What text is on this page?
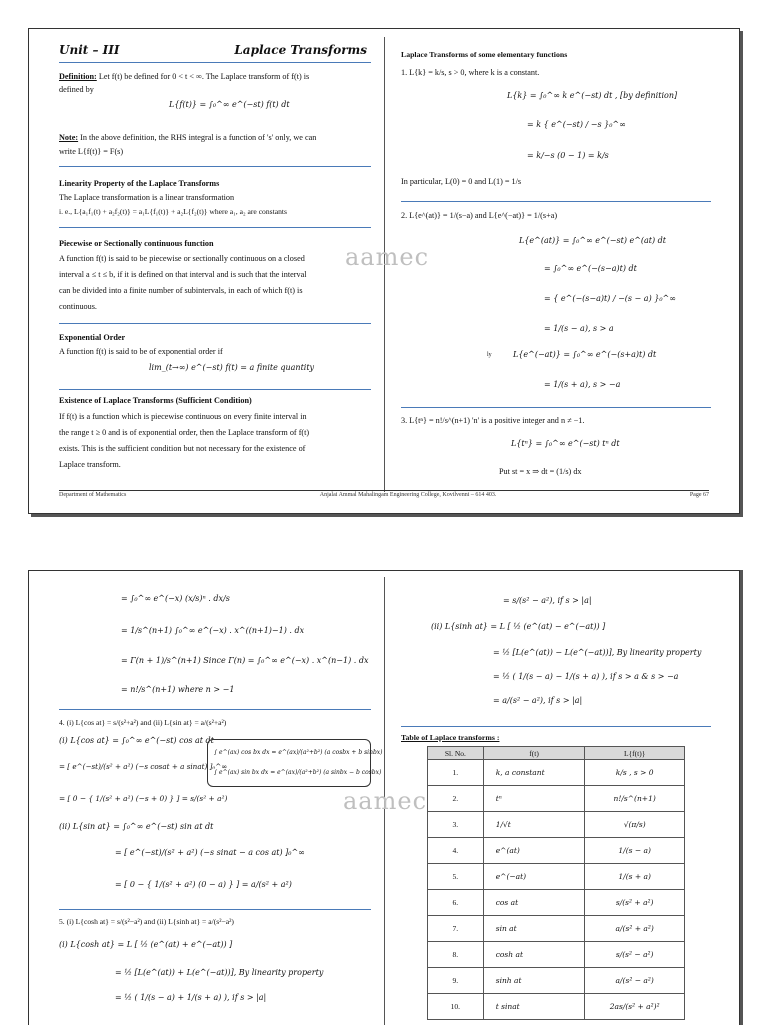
Unit – III	Laplace Transforms
Definition: Let f(t) be defined for 0 < t < ∞. The Laplace transform of f(t) is
defined by
L{f(t)} = ∫₀^∞ e^(−st) f(t) dt
Note: In the above definition, the RHS integral is a function of 's' only, we can
write L{f(t)} = F(s)
Linearity Property of the Laplace Transforms
The Laplace transformation is a linear transformation
i. e., L{a₁f₁(t) + a₂f₂(t)} = a₁L{f₁(t)} + a₂L{f₂(t)} where a₁, a₂ are constants
Piecewise or Sectionally continuous function
A function f(t) is said to be piecewise or sectionally continuous on a closed
interval a ≤ t ≤ b, if it is defined on that interval and is such that the interval
can be divided into a finite number of subintervals, in each of which f(t) is
continuous.
Exponential Order
A function f(t) is said to be of exponential order if
lim_(t→∞) e^(−st) f(t) = a finite quantity
Existence of Laplace Transforms (Sufficient Condition)
If f(t) is a function which is piecewise continuous on every finite interval in
the range t ≥ 0 and is of exponential order, then the Laplace transform of f(t)
exists. This is the sufficient condition but not necessary for the existence of
Laplace transform.
Laplace Transforms of some elementary functions
1. L{k} = k/s, s > 0, where k is a constant.
L{k} = ∫₀^∞ k e^(−st) dt , [by definition]
= k { e^(−st) / −s }₀^∞
= k/−s (0 − 1) = k/s
In particular, L(0) = 0 and L(1) = 1/s
2. L{e^(at)} = 1/(s−a) and L{e^(−at)} = 1/(s+a)
L{e^(at)} = ∫₀^∞ e^(−st) e^(at) dt
= ∫₀^∞ e^(−(s−a)t) dt
= { e^(−(s−a)t) / −(s − a) }₀^∞
= 1/(s − a), s > a
ly	L{e^(−at)} = ∫₀^∞ e^(−(s+a)t) dt
= 1/(s + a), s > −a
3. L{tⁿ} = n!/s^(n+1) 'n' is a positive integer and n ≠ −1.
L{tⁿ} = ∫₀^∞ e^(−st) tⁿ dt
Put st = x ⇒ dt = (1/s) dx
aamec
Department of Mathematics	Anjalai Ammal Mahalingam Engineering College, Kovilvenni – 614 403.	Page 67
= ∫₀^∞ e^(−x) (x/s)ⁿ . dx/s
= 1/s^(n+1) ∫₀^∞ e^(−x) . x^((n+1)−1) . dx
= Γ(n + 1)/s^(n+1) Since Γ(n) = ∫₀^∞ e^(−x) . x^(n−1) . dx
= n!/s^(n+1) where n > −1
4. (i) L{cos at} = s/(s²+a²) and (ii) L{sin at} = a/(s²+a²)
(i) L{cos at} = ∫₀^∞ e^(−st) cos at dt
= [ e^(−st)/(s² + a²) (−s cosat + a sinat) ]₀^∞
= [ 0 − { 1/(s² + a²) (−s + 0) } ] = s/(s² + a²)
(ii) L{sin at} = ∫₀^∞ e^(−st) sin at dt
= [ e^(−st)/(s² + a²) (−s sinat − a cos at) ]₀^∞
= [ 0 − { 1/(s² + a²) (0 − a) } ] = a/(s² + a²)
∫ e^(ax) cos bx dx = e^(ax)/(a²+b²) (a cosbx + b sinbx)
∫ e^(ax) sin bx dx = e^(ax)/(a²+b²) (a sinbx − b cosbx)
5. (i) L{cosh at} = s/(s²−a²) and (ii) L{sinh at} = a/(s²−a²)
(i) L{cosh at} = L [ ½ (e^(at) + e^(−at)) ]
= ½ [L(e^(at)) + L(e^(−at))], By linearity property
= ½ ( 1/(s − a) + 1/(s + a) ), if s > |a|
= s/(s² − a²), if s > |a|
(ii) L{sinh at} = L [ ½ (e^(at) − e^(−at)) ]
= ½ [L(e^(at)) − L(e^(−at))], By linearity property
= ½ ( 1/(s − a) − 1/(s + a) ), if s > a & s > −a
= a/(s² − a²), if s > |a|
Table of Laplace transforms :
Sl. No.	f(t)	L{f(t)}
1.	k, a constant	k/s , s > 0
2.	tⁿ	n!/s^(n+1)
3.	1/√t	√(π/s)
4.	e^(at)	1/(s − a)
5.	e^(−at)	1/(s + a)
6.	cos at	s/(s² + a²)
7.	sin at	a/(s² + a²)
8.	cosh at	s/(s² − a²)
9.	sinh at	a/(s² − a²)
10.	t sinat	2as/(s² + a²)²
aamec
